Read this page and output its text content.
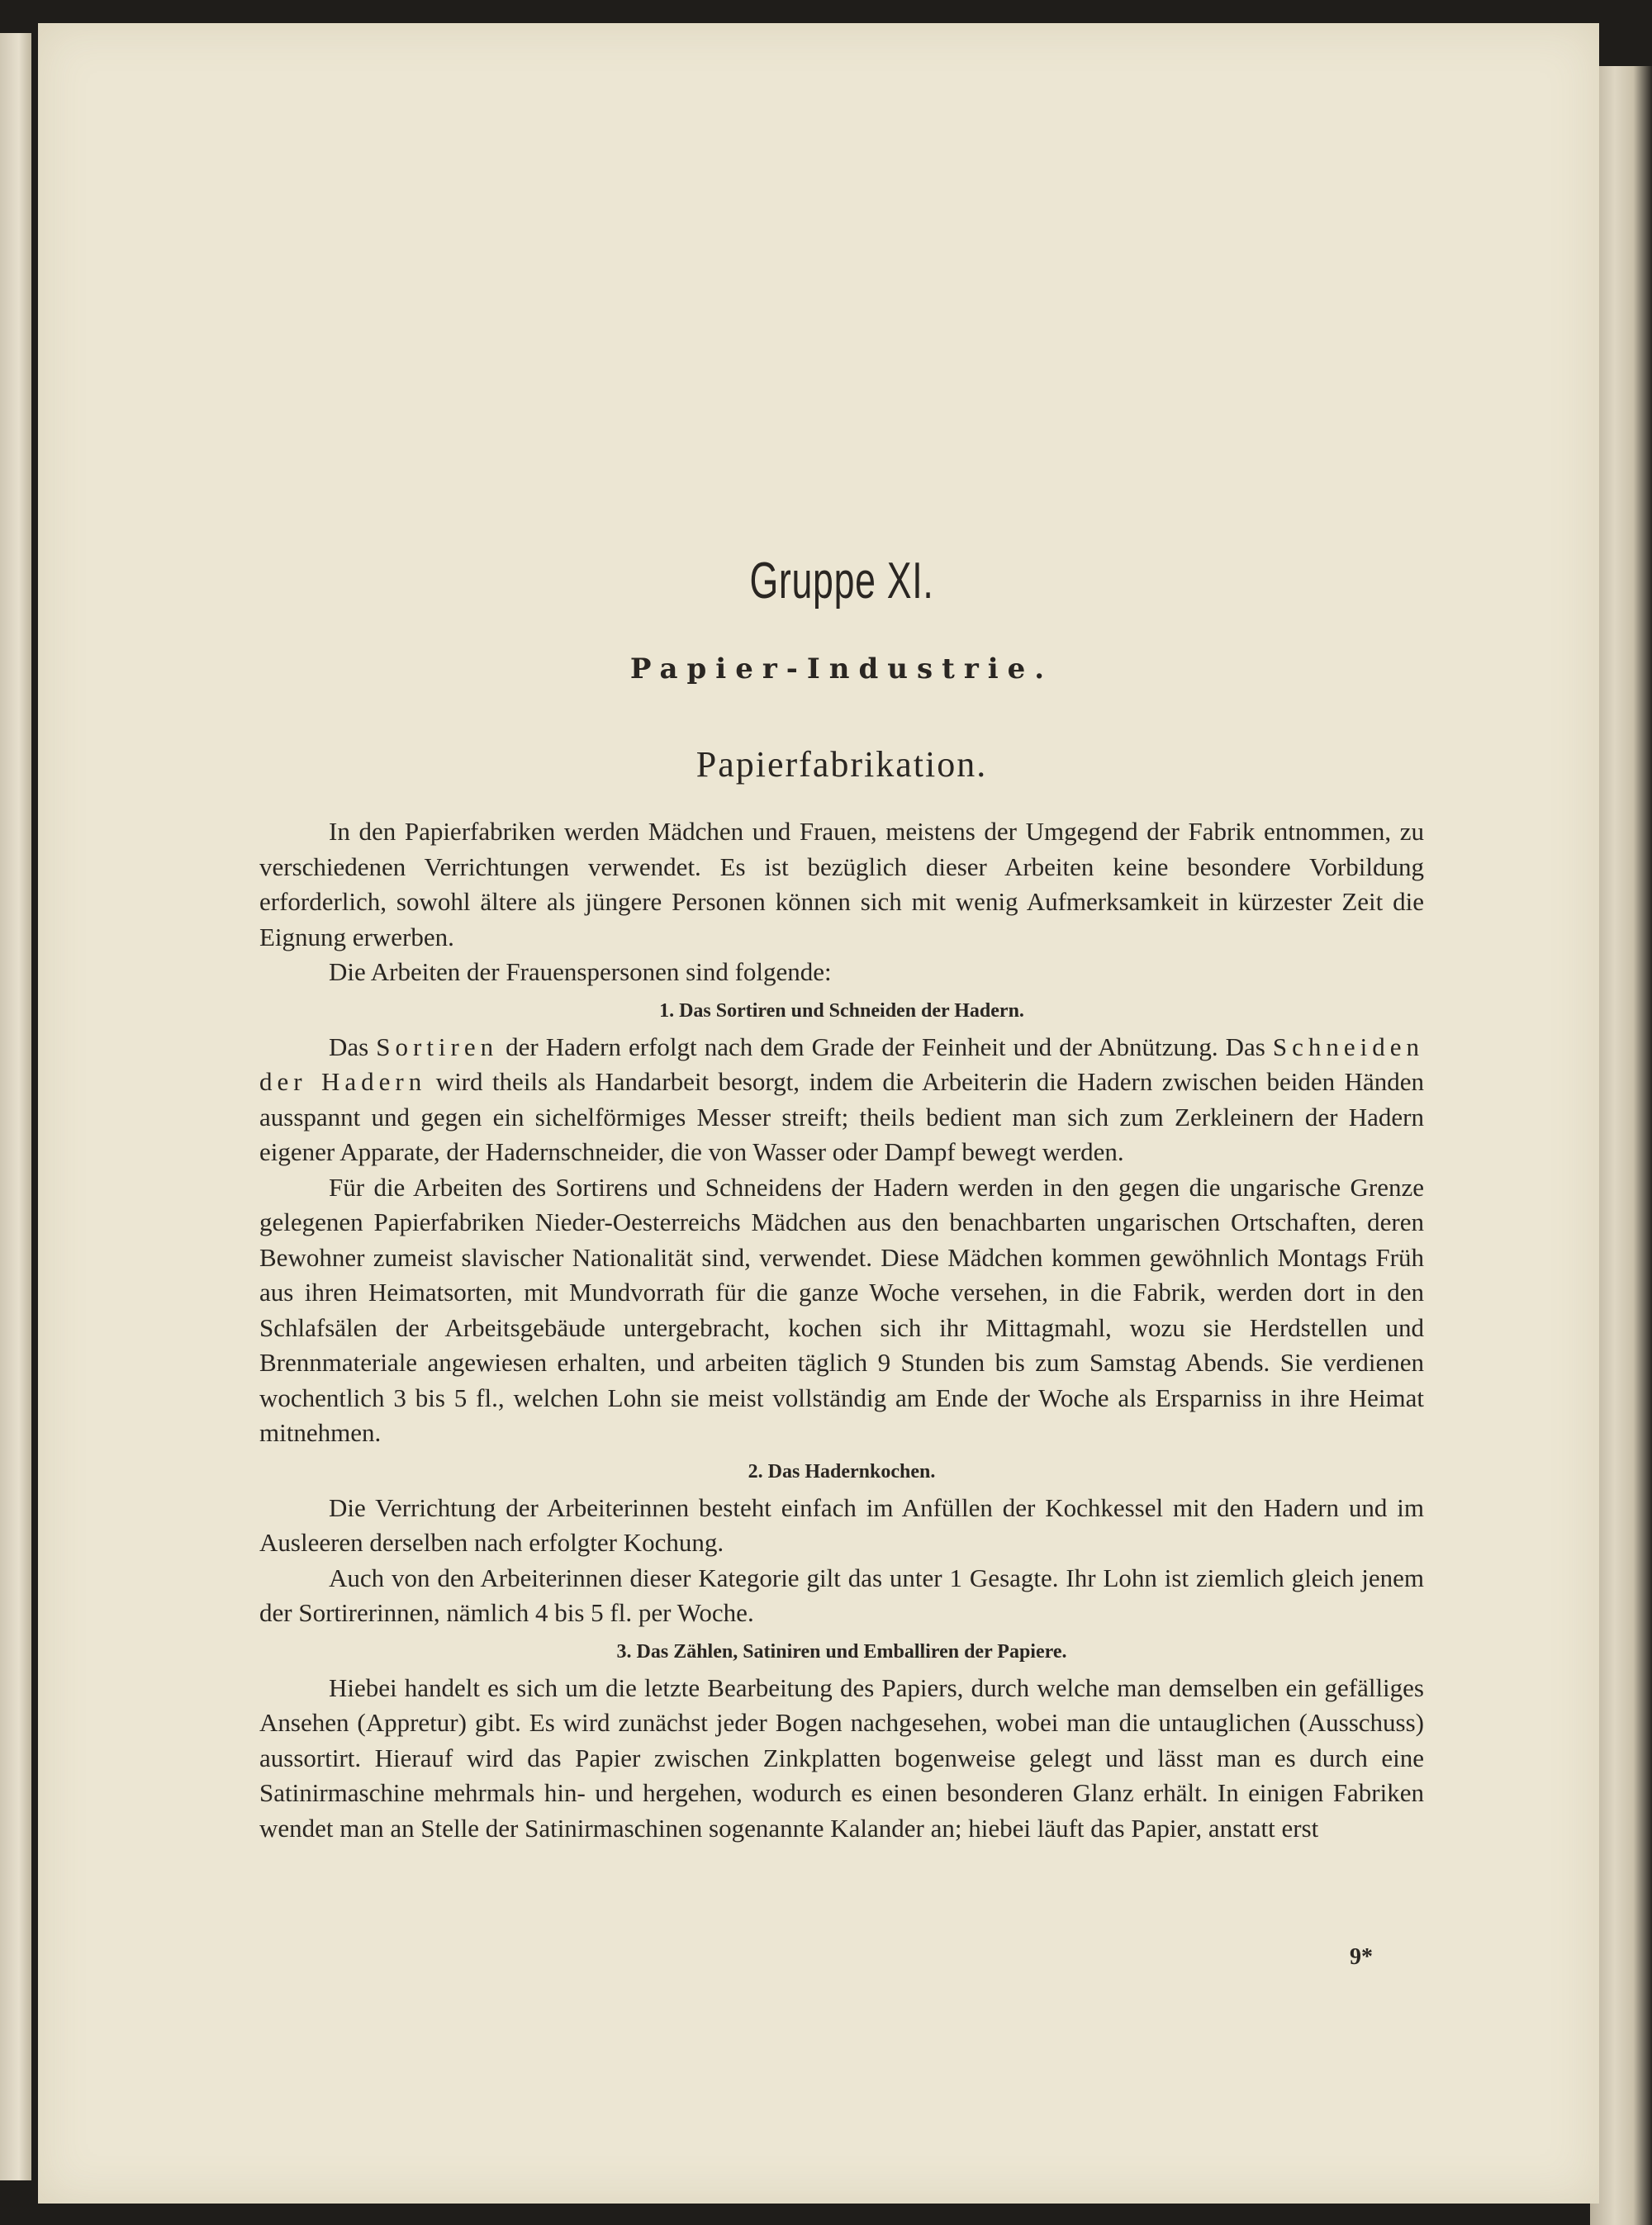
Gruppe XI.
Papier-Industrie.
Papierfabrikation.

In den Papierfabriken werden Mädchen und Frauen, meistens der Umgegend der Fabrik entnommen, zu verschiedenen Verrichtungen verwendet. Es ist bezüglich dieser Arbeiten keine besondere Vorbildung erforderlich, sowohl ältere als jüngere Personen können sich mit wenig Aufmerksamkeit in kürzester Zeit die Eignung erwerben.

Die Arbeiten der Frauenspersonen sind folgende:

1. Das Sortiren und Schneiden der Hadern.

Das Sortiren der Hadern erfolgt nach dem Grade der Feinheit und der Abnützung. Das Schneiden der Hadern wird theils als Handarbeit besorgt, indem die Arbeiterin die Hadern zwischen beiden Händen ausspannt und gegen ein sichelförmiges Messer streift; theils bedient man sich zum Zerkleinern der Hadern eigener Apparate, der Hadernschneider, die von Wasser oder Dampf bewegt werden.

Für die Arbeiten des Sortirens und Schneidens der Hadern werden in den gegen die ungarische Grenze gelegenen Papierfabriken Nieder-Oesterreichs Mädchen aus den benachbarten ungarischen Ortschaften, deren Bewohner zumeist slavischer Nationalität sind, verwendet. Diese Mädchen kommen gewöhnlich Montags Früh aus ihren Heimatsorten, mit Mundvorrath für die ganze Woche versehen, in die Fabrik, werden dort in den Schlafsälen der Arbeitsgebäude untergebracht, kochen sich ihr Mittagmahl, wozu sie Herdstellen und Brennmateriale angewiesen erhalten, und arbeiten täglich 9 Stunden bis zum Samstag Abends. Sie verdienen wochentlich 3 bis 5 fl., welchen Lohn sie meist vollständig am Ende der Woche als Ersparniss in ihre Heimat mitnehmen.

2. Das Hadernkochen.

Die Verrichtung der Arbeiterinnen besteht einfach im Anfüllen der Kochkessel mit den Hadern und im Ausleeren derselben nach erfolgter Kochung.

Auch von den Arbeiterinnen dieser Kategorie gilt das unter 1 Gesagte. Ihr Lohn ist ziemlich gleich jenem der Sortirerinnen, nämlich 4 bis 5 fl. per Woche.

3. Das Zählen, Satiniren und Emballiren der Papiere.

Hiebei handelt es sich um die letzte Bearbeitung des Papiers, durch welche man demselben ein gefälliges Ansehen (Appretur) gibt. Es wird zunächst jeder Bogen nachgesehen, wobei man die untauglichen (Ausschuss) aussortirt. Hierauf wird das Papier zwischen Zinkplatten bogenweise gelegt und lässt man es durch eine Satinirmaschine mehrmals hin- und hergehen, wodurch es einen besonderen Glanz erhält. In einigen Fabriken wendet man an Stelle der Satinirmaschinen sogenannte Kalander an; hiebei läuft das Papier, anstatt erst

9*
